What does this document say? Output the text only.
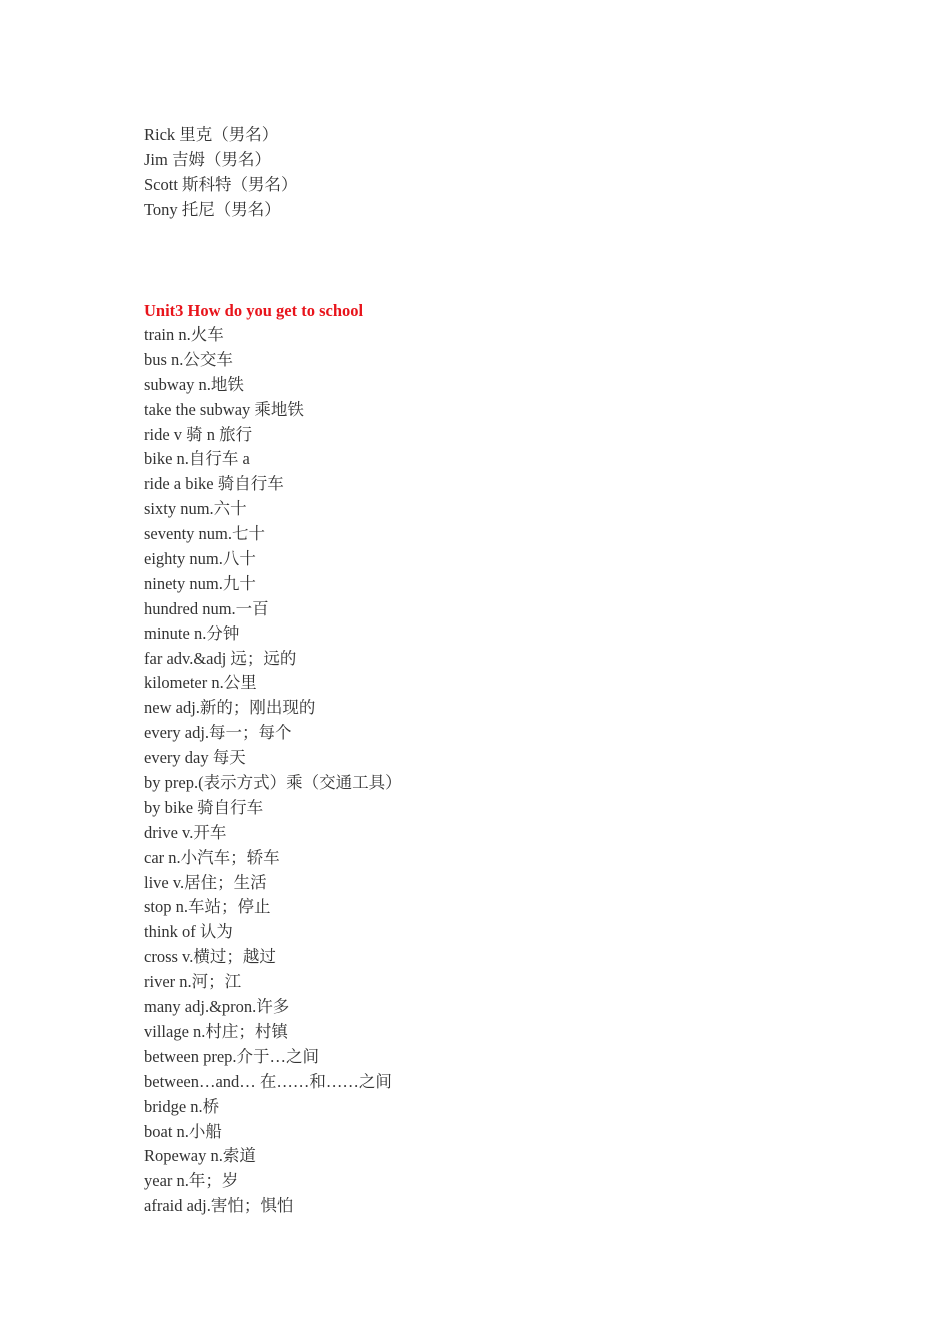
Rick 里克（男名）
Jim 吉姆（男名）
Scott 斯科特（男名）
Tony 托尼（男名）
Unit3 How do you get to school
train n.火车
bus n.公交车
subway n.地铁
take the subway 乘地铁
ride v 骑 n 旅行
bike n.自行车 a
ride a bike 骑自行车
sixty num.六十
seventy num.七十
eighty num.八十
ninety num.九十
hundred num.一百
minute n.分钟
far adv.&adj 远；远的
kilometer n.公里
new adj.新的；刚出现的
every adj.每一；每个
every day 每天
by prep.(表示方式）乘（交通工具）
by bike 骑自行车
drive v.开车
car n.小汽车；轿车
live v.居住；生活
stop n.车站；停止
think of 认为
cross v.横过；越过
river n.河；江
many adj.&pron.许多
village n.村庄；村镇
between prep.介于…之间
between…and… 在……和……之间
bridge n.桥
boat n.小船
Ropeway n.索道
year n.年；岁
afraid adj.害怕；惧怕
